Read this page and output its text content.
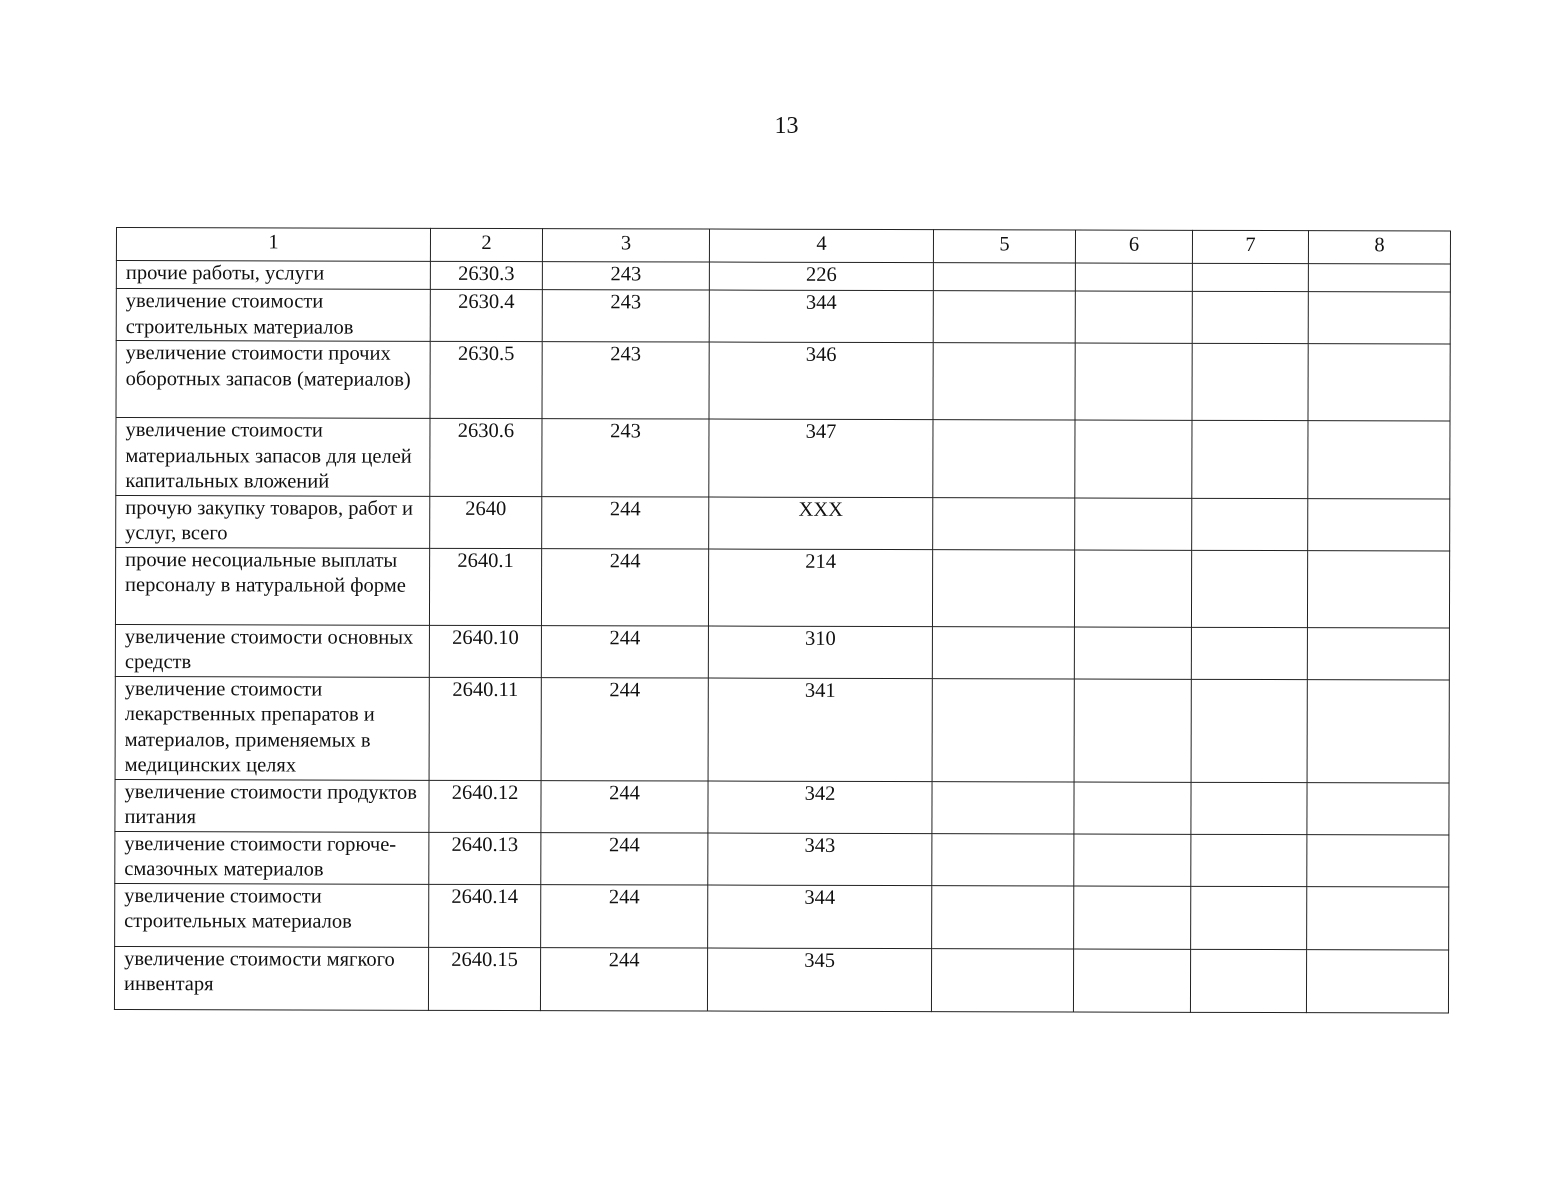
13
1	2	3	4	5	6	7	8
прочие работы, услуги	2630.3	243	226				
увеличение стоимости строительных материалов	2630.4	243	344				
увеличение стоимости прочих оборотных запасов (материалов)	2630.5	243	346				
увеличение стоимости материальных запасов для целей капитальных вложений	2630.6	243	347				
прочую закупку товаров, работ и услуг, всего	2640	244	XXX				
прочие несоциальные выплаты персоналу в натуральной форме	2640.1	244	214				
увеличение стоимости основных средств	2640.10	244	310				
увеличение стоимости лекарственных препаратов и материалов, применяемых в медицинских целях	2640.11	244	341				
увеличение стоимости продуктов питания	2640.12	244	342				
увеличение стоимости горюче-смазочных материалов	2640.13	244	343				
увеличение стоимости строительных материалов	2640.14	244	344				
увеличение стоимости мягкого инвентаря	2640.15	244	345				
